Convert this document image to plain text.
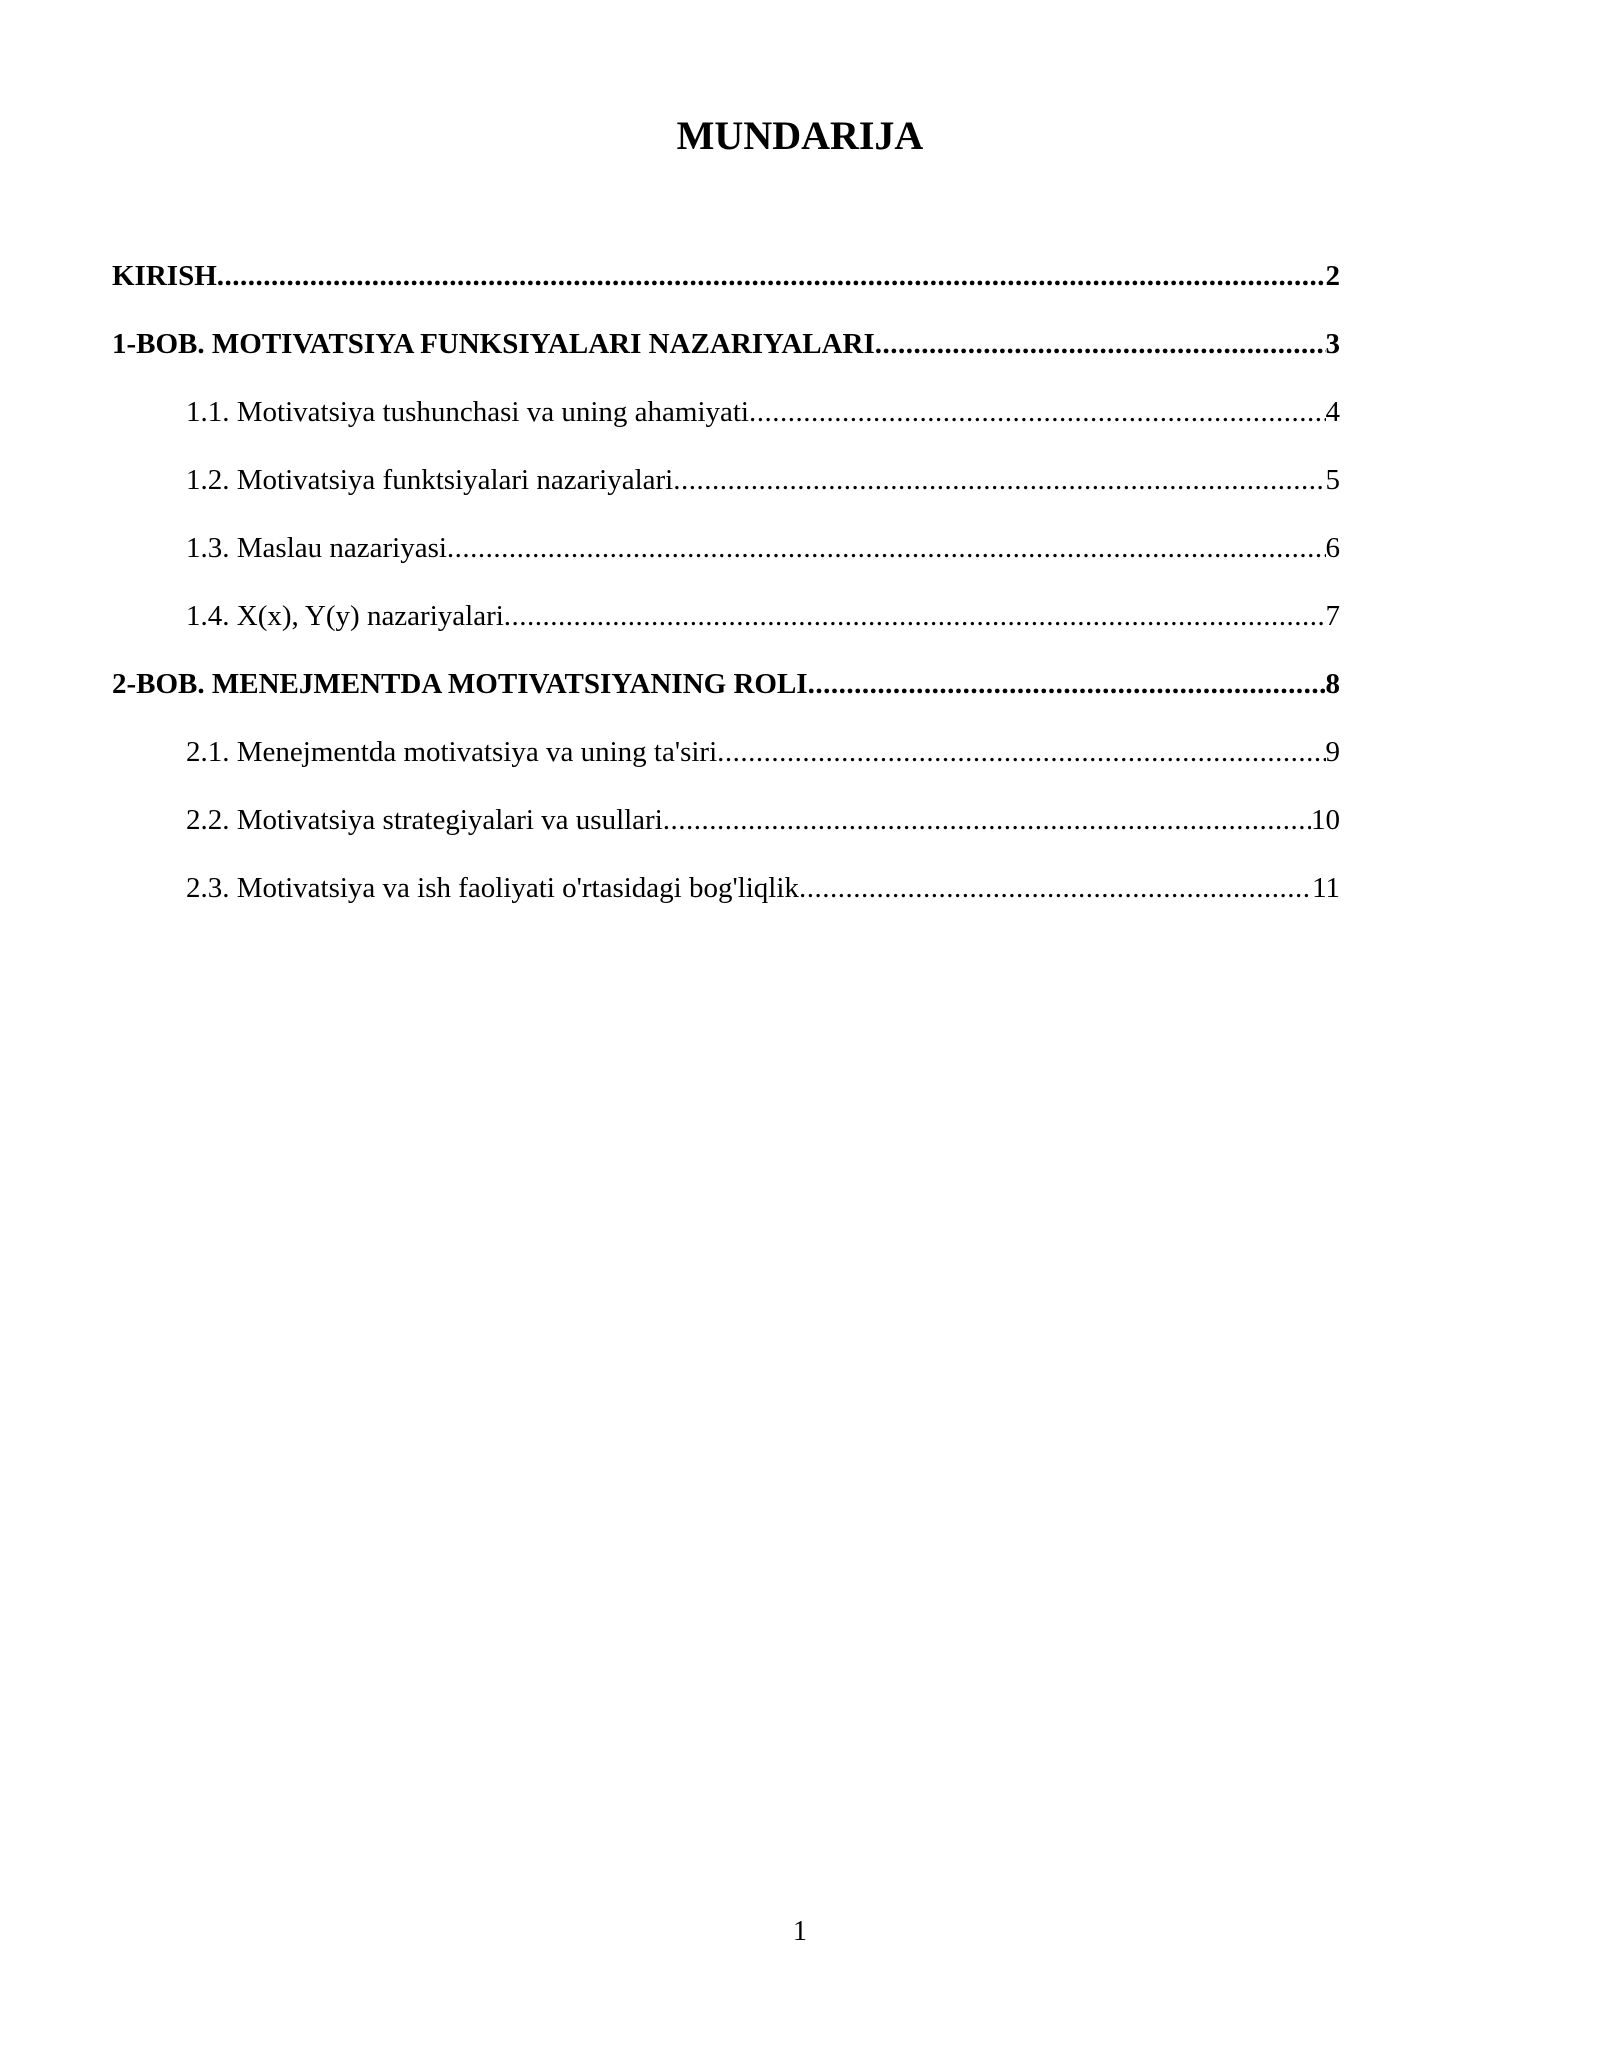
MUNDARIJA
KIRISH .....	2
1-BOB. MOTIVATSIYA FUNKSIYALARI NAZARIYALARI .....	3
1.1. Motivatsiya tushunchasi va uning ahamiyati .....	4
1.2. Motivatsiya funktsiyalari nazariyalari .....	5
1.3. Maslau nazariyasi .....	6
1.4. X(x), Y(y) nazariyalari .....	7
2-BOB. MENEJMENTDA MOTIVATSIYANING ROLI .....	8
2.1. Menejmentda motivatsiya va uning ta'siri .....	9
2.2. Motivatsiya strategiyalari va usullari .....	10
2.3. Motivatsiya va ish faoliyati o'rtasidagi bog'liqlik .....	11

1
